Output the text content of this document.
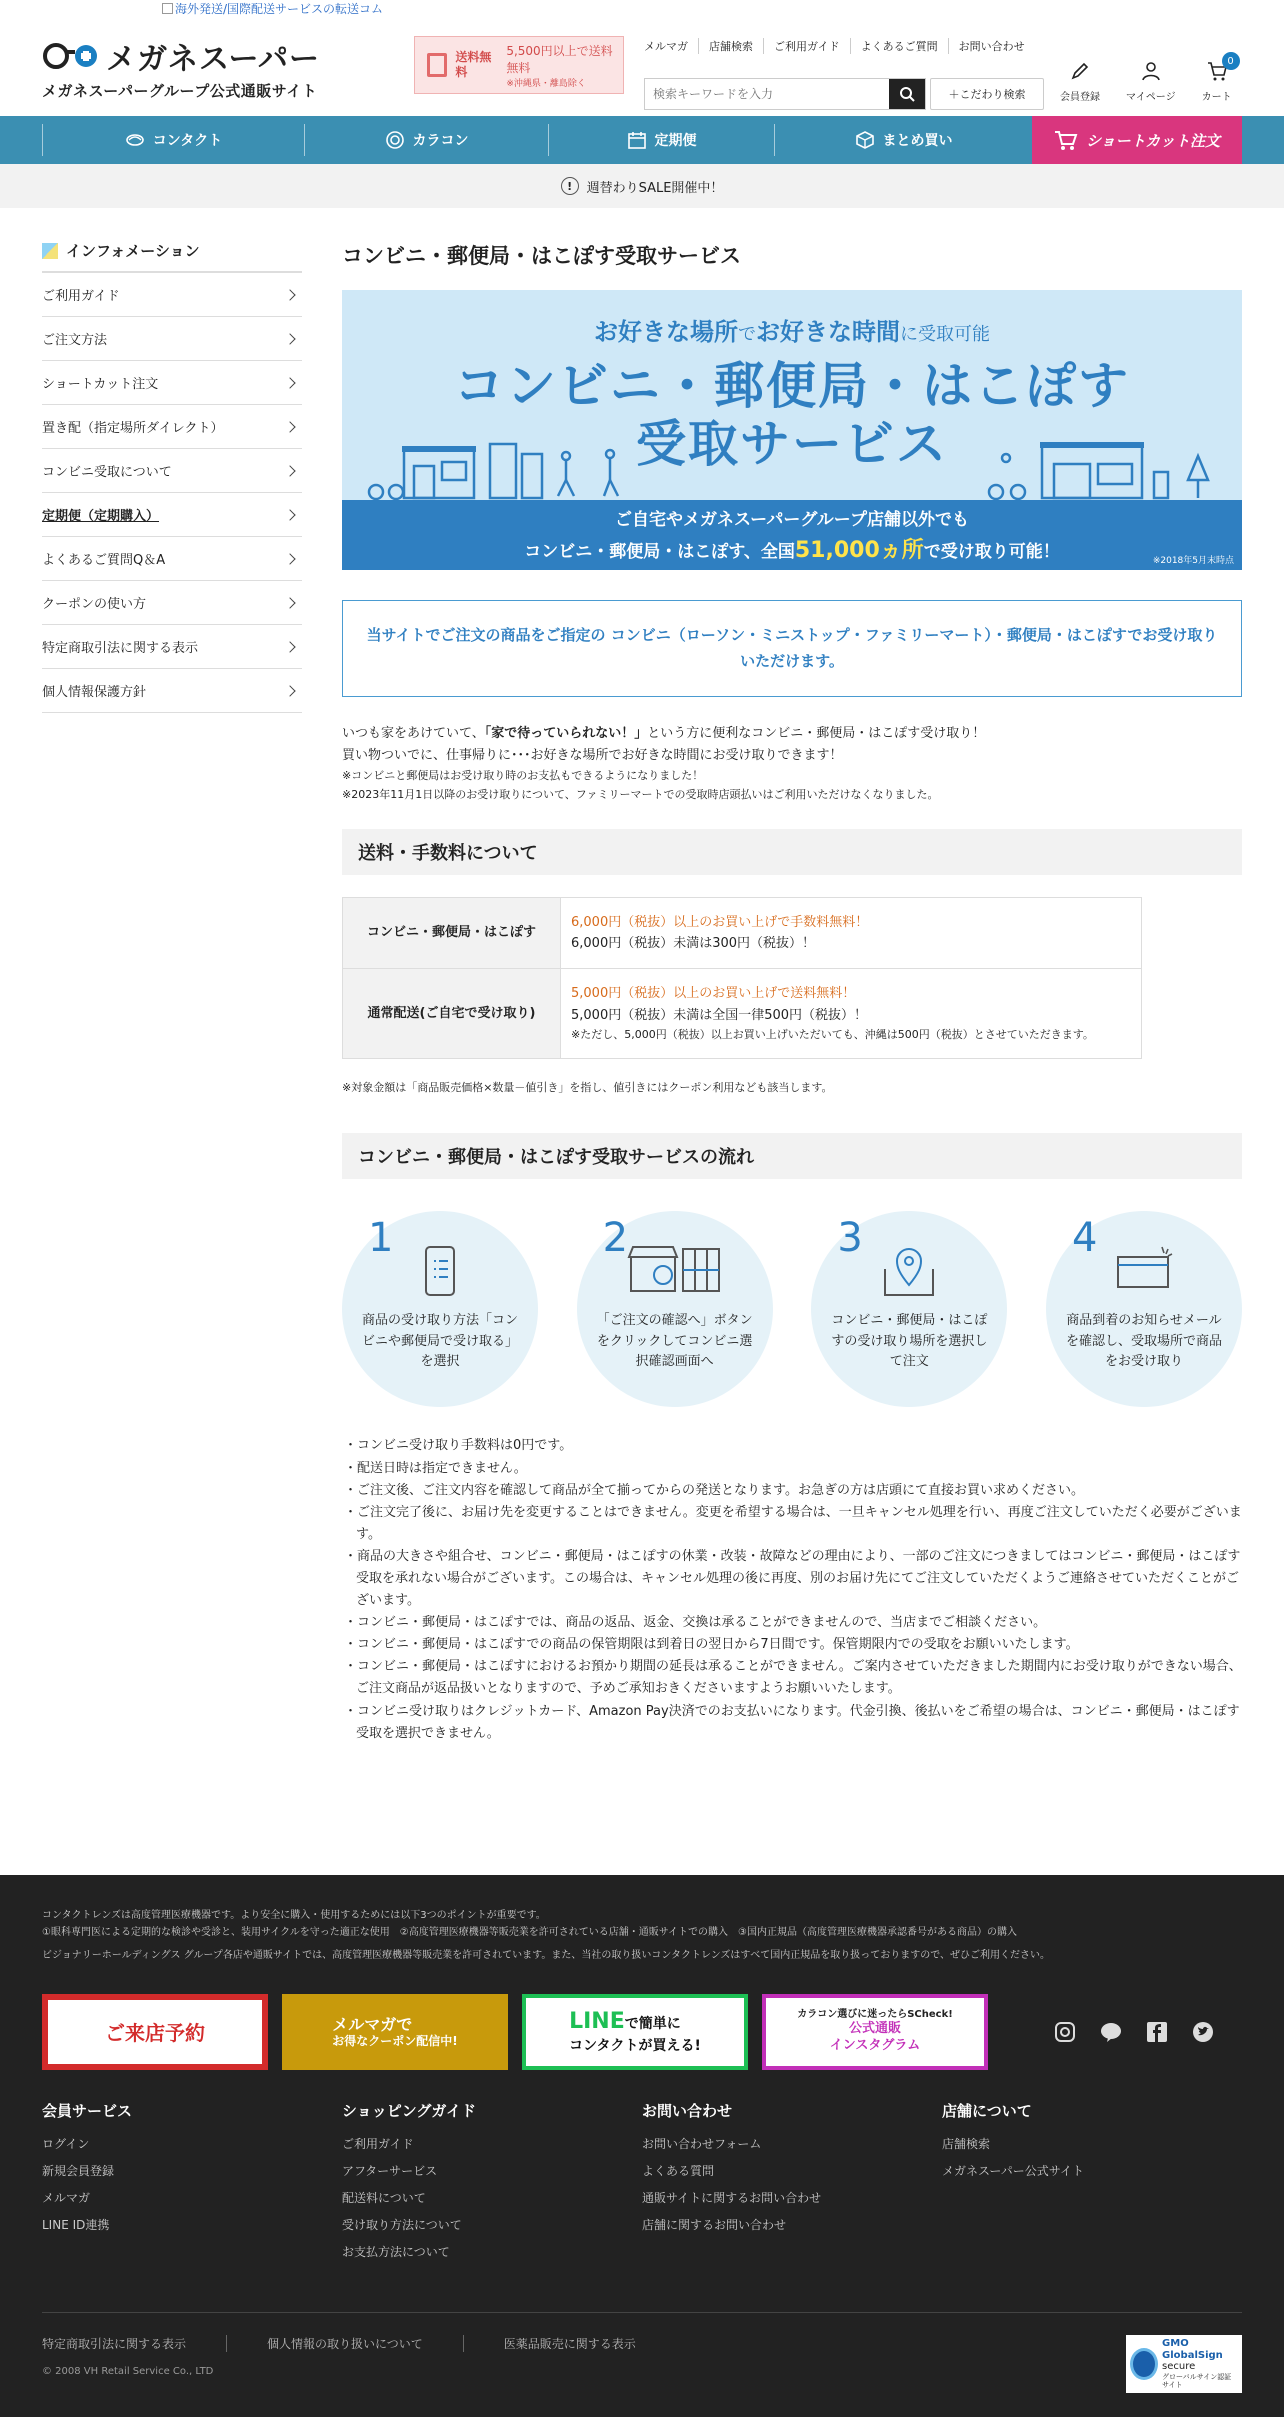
海外発送/国際配送サービスの転送コム
メガネスーパー
メガネスーパーグループ公式通販サイト
送料無料
5,500円以上で送料無料
※沖縄県・離島除く
メルマガ	店舗検索	ご利用ガイド	よくあるご質問	お問い合わせ
検索キーワードを入力
＋こだわり検索	会員登録	マイページ	カート
0
コンタクト	カラコン	定期便	まとめ買い	ショートカット注文
!	週替わりSALE開催中！
インフォメーション
ご利用ガイド
ご注文方法
ショートカット注文
置き配（指定場所ダイレクト）
コンビニ受取について
定期便（定期購入）
よくあるご質問Q＆A
クーポンの使い方
特定商取引法に関する表示
個人情報保護方針
コンビニ・郵便局・はこぽす受取サービス
お好きな場所でお好きな時間に受取可能
コンビニ・郵便局・はこぽす
受取サービス
ご自宅やメガネスーパーグループ店舗以外でも
コンビニ・郵便局・はこぽす、全国51,000ヵ所で受け取り可能！	※2018年5月末時点
当サイトでご注文の商品をご指定の コンビニ（ローソン・ミニストップ・ファミリーマート）・郵便局・はこぽすでお受け取りいただけます。

いつも家をあけていて、「家で待っていられない！」という方に便利なコンビニ・郵便局・はこぽす受け取り！

買い物ついでに、仕事帰りに･･･お好きな場所でお好きな時間にお受け取りできます！

※コンビニと郵便局はお受け取り時のお支払もできるようになりました！

※2023年11月1日以降のお受け取りについて、ファミリーマートでの受取時店頭払いはご利用いただけなくなりました。

送料・手数料について
コンビニ・郵便局・はこぽす	6,000円（税抜）以上のお買い上げで手数料無料！
6,000円（税抜）未満は300円（税抜）！

通常配送(ご自宅で受け取り)	5,000円（税抜）以上のお買い上げで送料無料！
5,000円（税抜）未満は全国一律500円（税抜）！
※ただし、5,000円（税抜）以上お買い上げいただいても、沖縄は500円（税抜）とさせていただきます。

※対象金額は「商品販売価格×数量－値引き」を指し、値引きにはクーポン利用なども該当します。

コンビニ・郵便局・はこぽす受取サービスの流れ
1
商品の受け取り方法「コンビニや郵便局で受け取る」を選択
2
「ご注文の確認へ」ボタンをクリックしてコンビニ選択確認画面へ
3
コンビニ・郵便局・はこぽすの受け取り場所を選択して注文
4
商品到着のお知らせメールを確認し、受取場所で商品をお受け取り
・コンビニ受け取り手数料は0円です。
・配送日時は指定できません。
・ご注文後、ご注文内容を確認して商品が全て揃ってからの発送となります。お急ぎの方は店頭にて直接お買い求めください。
・ご注文完了後に、お届け先を変更することはできません。変更を希望する場合は、一旦キャンセル処理を行い、再度ご注文していただく必要がございます。
・商品の大きさや組合せ、コンビニ・郵便局・はこぽすの休業・改装・故障などの理由により、一部のご注文につきましてはコンビニ・郵便局・はこぽす受取を承れない場合がございます。この場合は、キャンセル処理の後に再度、別のお届け先にてご注文していただくようご連絡させていただくことがございます。
・コンビニ・郵便局・はこぽすでは、商品の返品、返金、交換は承ることができませんので、当店までご相談ください。
・コンビニ・郵便局・はこぽすでの商品の保管期限は到着日の翌日から7日間です。保管期限内での受取をお願いいたします。
・コンビニ・郵便局・はこぽすにおけるお預かり期間の延長は承ることができません。ご案内させていただきました期間内にお受け取りができない場合、ご注文商品が返品扱いとなりますので、予めご承知おきくださいますようお願いいたします。
・コンビニ受け取りはクレジットカード、Amazon Pay決済でのお支払いになります。代金引換、後払いをご希望の場合は、コンビニ・郵便局・はこぽす受取を選択できません。

コンタクトレンズは高度管理医療機器です。より安全に購入・使用するためには以下3つのポイントが重要です。

①眼科専門医による定期的な検診や受診と、装用サイクルを守った適正な使用　②高度管理医療機器等販売業を許可されている店舗・通販サイトでの購入　③国内正規品（高度管理医療機器承認番号がある商品）の購入

ビジョナリーホールディングス グループ各店や通販サイトでは、高度管理医療機器等販売業を許可されています。また、当社の取り扱いコンタクトレンズはすべて国内正規品を取り扱っておりますので、ぜひご利用ください。

ご来店予約	メルマガで
お得なクーポン配信中!
LINEで簡単に
コンタクトが買える!
カラコン選びに迷ったらSCheck!
公式通販
インスタグラム
会員サービス
ログイン
新規会員登録
メルマガ
LINE ID連携
ショッピングガイド
ご利用ガイド
アフターサービス
配送料について
受け取り方法について
お支払方法について
お問い合わせ
お問い合わせフォーム
よくある質問
通販サイトに関するお問い合わせ
店舗に関するお問い合わせ
店舗について
店舗検索
メガネスーパー公式サイト
特定商取引法に関する表示	個人情報の取り扱いについて	医薬品販売に関する表示
© 2008 VH Retail Service Co., LTD
GMO
GlobalSign
secure
グローバルサイン認証サイト
